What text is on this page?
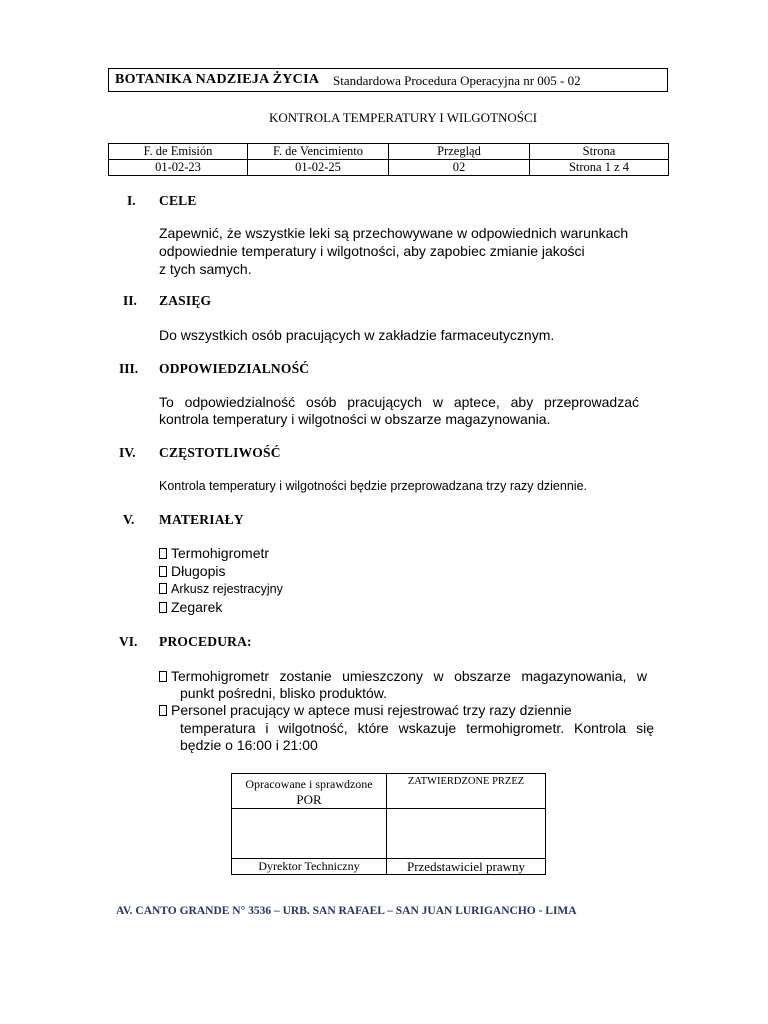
BOTANIKA NADZIEJA ŻYCIA Standardowa Procedura Operacyjna nr 005 - 02
KONTROLA TEMPERATURY I WILGOTNOŚCI
F. de Emisión	F. de Vencimiento	Przegląd	Strona
01-02-23	01-02-25	02	Strona 1 z 4
I. CELE
Zapewnić, że wszystkie leki są przechowywane w odpowiednich warunkach
odpowiednie temperatury i wilgotności, aby zapobiec zmianie jakości
z tych samych.
II. ZASIĘG
Do wszystkich osób pracujących w zakładzie farmaceutycznym.
III. ODPOWIEDZIALNOŚĆ
To odpowiedzialność osób pracujących w aptece, aby przeprowadzać
kontrola temperatury i wilgotności w obszarze magazynowania.
IV. CZĘSTOTLIWOŚĆ
Kontrola temperatury i wilgotności będzie przeprowadzana trzy razy dziennie.
V. MATERIAŁY
Termohigrometr
Długopis
Arkusz rejestracyjny
Zegarek
VI. PROCEDURA:
Termohigrometr zostanie umieszczony w obszarze magazynowania, w
punkt pośredni, blisko produktów.
Personel pracujący w aptece musi rejestrować trzy razy dziennie
temperatura i wilgotność, które wskazuje termohigrometr. Kontrola się
będzie o 16:00 i 21:00
Opracowane i sprawdzone
POR	ZATWIERDZONE PRZEZ

Dyrektor Techniczny	Przedstawiciel prawny
AV. CANTO GRANDE N° 3536 – URB. SAN RAFAEL – SAN JUAN LURIGANCHO - LIMA
